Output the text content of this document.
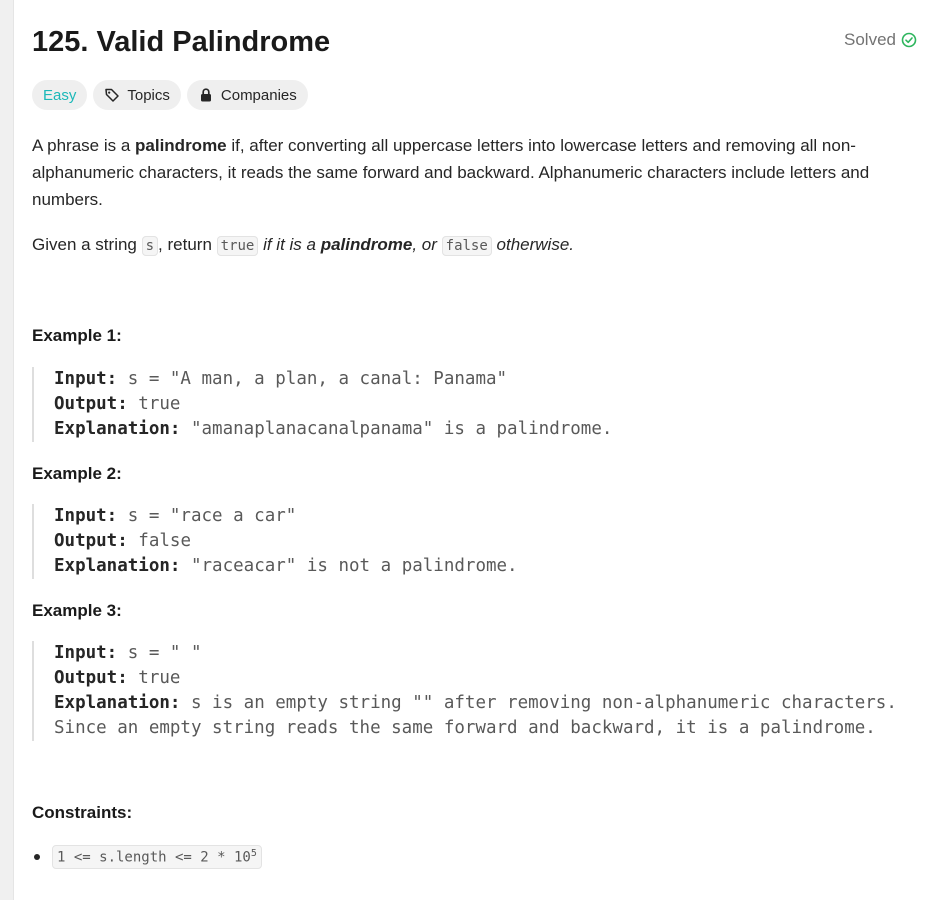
125. Valid Palindrome	Solved
Easy	Topics	Companies

A phrase is a palindrome if, after converting all uppercase letters into lowercase letters and removing all non-alphanumeric characters, it reads the same forward and backward. Alphanumeric characters include letters and numbers.

Given a string s , return true if it is a palindrome, or false otherwise.

Example 1:
Input: s = "A man, a plan, a canal: Panama"
Output: true
Explanation: "amanaplanacanalpanama" is a palindrome.
Example 2:
Input: s = "race a car"
Output: false
Explanation: "raceacar" is not a palindrome.
Example 3:
Input: s = " "
Output: true
Explanation: s is an empty string "" after removing non-alphanumeric characters.
Since an empty string reads the same forward and backward, it is a palindrome.
Constraints:
1 <= s.length <= $2 * 10^5$
